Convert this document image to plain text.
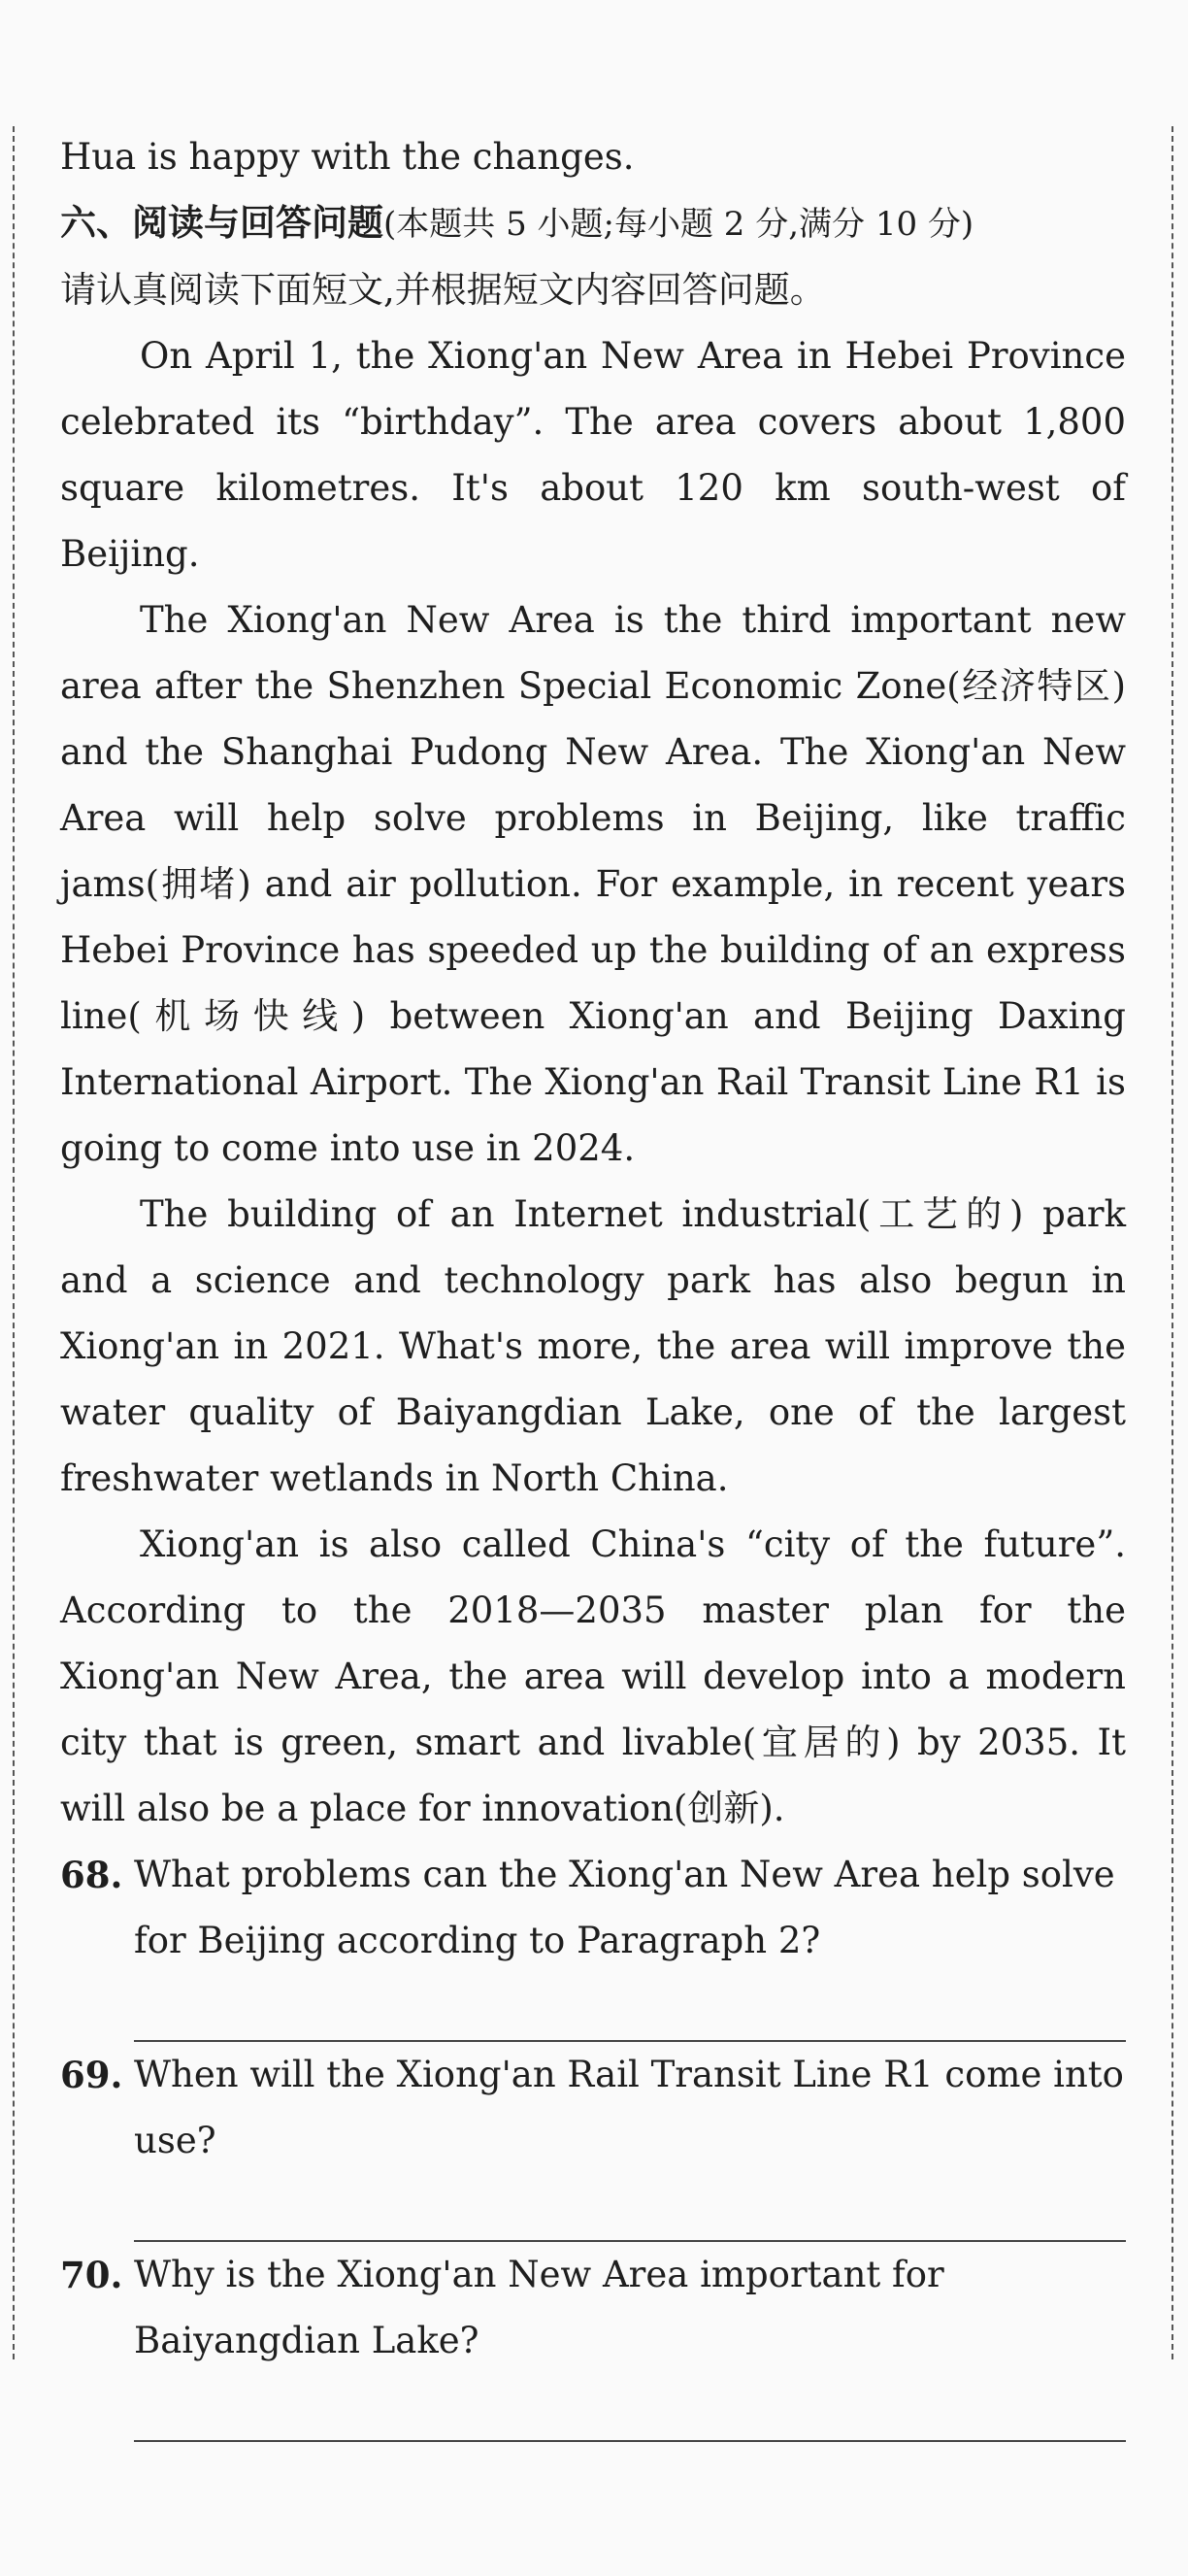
Hua is happy with the changes.

六、阅读与回答问题(本题共 5 小题;每小题 2 分,满分 10 分)

请认真阅读下面短文,并根据短文内容回答问题。

On April 1, the Xiong'an New Area in Hebei Province celebrated its “birthday”. The area covers about 1,800 square kilometres. It's about 120 km south-west of Beijing.

The Xiong'an New Area is the third important new area after the Shenzhen Special Economic Zone(经济特区) and the Shanghai Pudong New Area. The Xiong'an New Area will help solve problems in Beijing, like traffic jams(拥堵) and air pollution. For example, in recent years Hebei Province has speeded up the building of an express line(机场快线) between Xiong'an and Beijing Daxing International Airport. The Xiong'an Rail Transit Line R1 is going to come into use in 2024.

The building of an Internet industrial(工艺的) park and a science and technology park has also begun in Xiong'an in 2021. What's more, the area will improve the water quality of Baiyangdian Lake, one of the largest freshwater wetlands in North China.

Xiong'an is also called China's “city of the future”. According to the 2018—2035 master plan for the Xiong'an New Area, the area will develop into a modern city that is green, smart and livable(宜居的) by 2035. It will also be a place for innovation(创新).

68. What problems can the Xiong'an New Area help solve for Beijing according to Paragraph 2?
69. When will the Xiong'an Rail Transit Line R1 come into use?
70. Why is the Xiong'an New Area important for Baiyangdian Lake?
